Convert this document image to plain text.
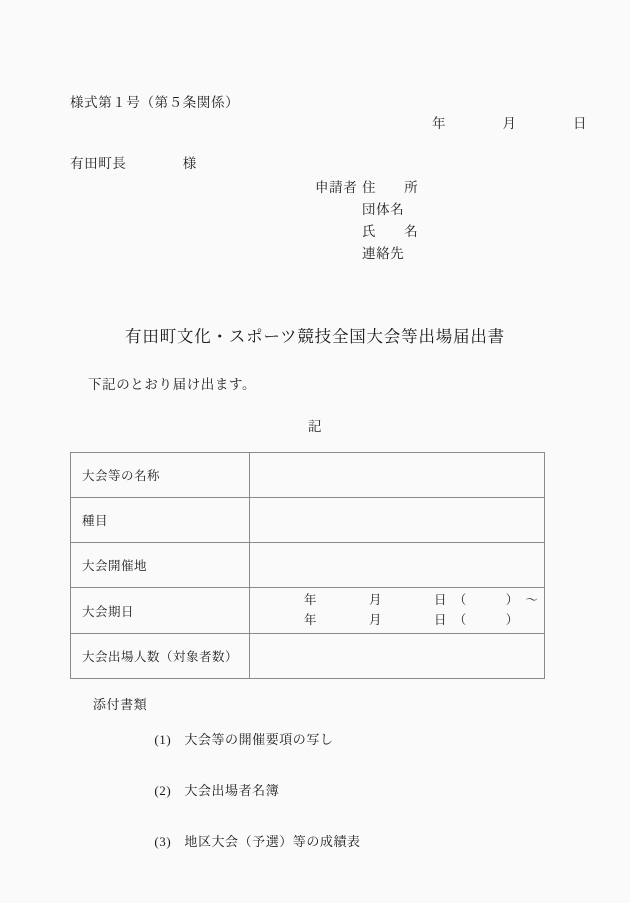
様式第１号（第５条関係）
年　　　　月　　　　日
有田町長　　　　様
申請者 住　　所
団体名
氏　　名
連絡先
有田町文化・スポーツ競技全国大会等出場届出書
下記のとおり届け出ます。
記
大会等の名称	
種目	
大会開催地	
大会期日	年　　　　月　　　　日　（　　　）　〜
年　　　　月　　　　日　（　　　）

大会出場人数（対象者数）	
添付書類

(1) 大会等の開催要項の写し

(2) 大会出場者名簿

(3) 地区大会（予選）等の成績表
